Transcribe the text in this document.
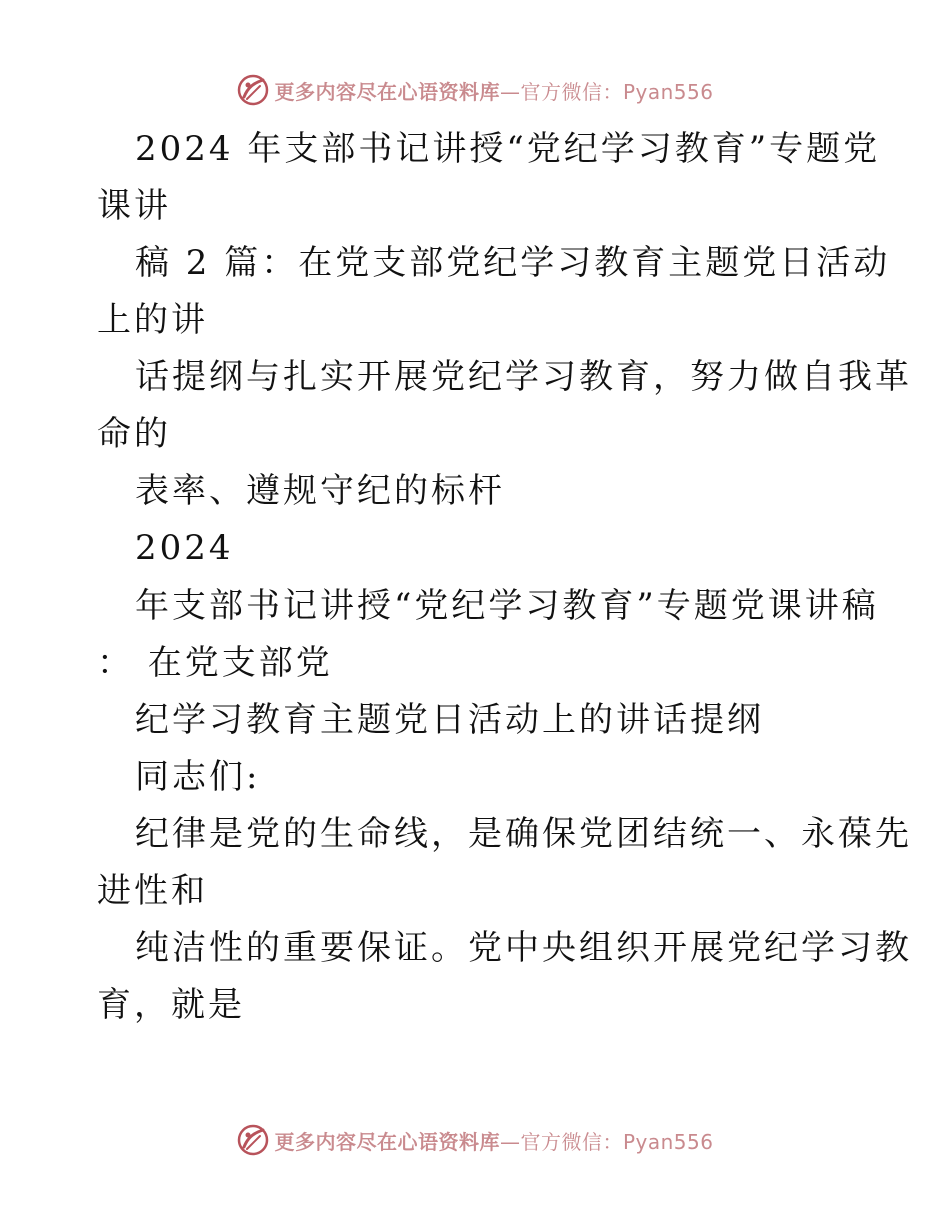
更多内容尽在心语资料库—官方微信：Pyan556
2024 年支部书记讲授“党纪学习教育”专题党
课讲
稿 2 篇：在党支部党纪学习教育主题党日活动
上的讲
话提纲与扎实开展党纪学习教育，努力做自我革
命的
表率、遵规守纪的标杆
2024
年支部书记讲授“党纪学习教育”专题党课讲稿
： 在党支部党
纪学习教育主题党日活动上的讲话提纲
同志们:
纪律是党的生命线，是确保党团结统一、永葆先
进性和
纯洁性的重要保证。党中央组织开展党纪学习教
育，就是
更多内容尽在心语资料库—官方微信：Pyan556
